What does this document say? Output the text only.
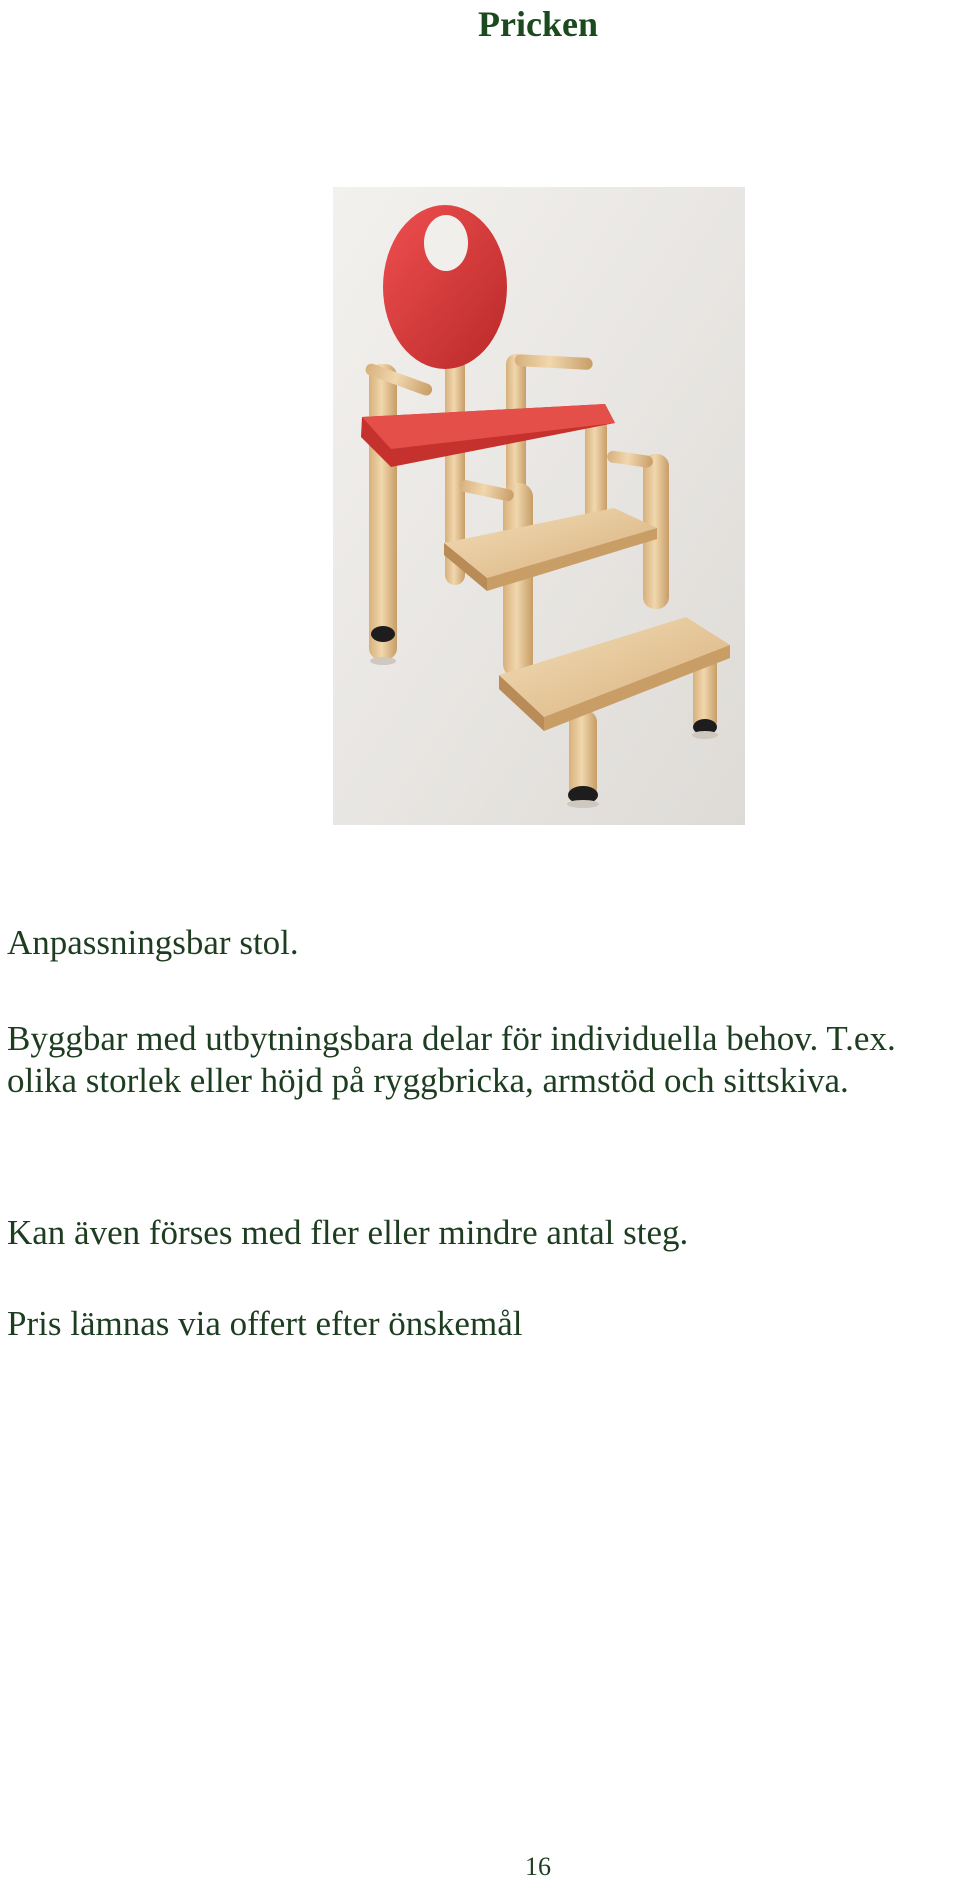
Pricken
Anpassningsbar stol.
Byggbar med utbytningsbara delar för individuella behov. T.ex. olika storlek eller höjd på ryggbricka, armstöd och sittskiva.
Kan även förses med fler eller mindre antal steg.
Pris lämnas via offert efter önskemål
16
